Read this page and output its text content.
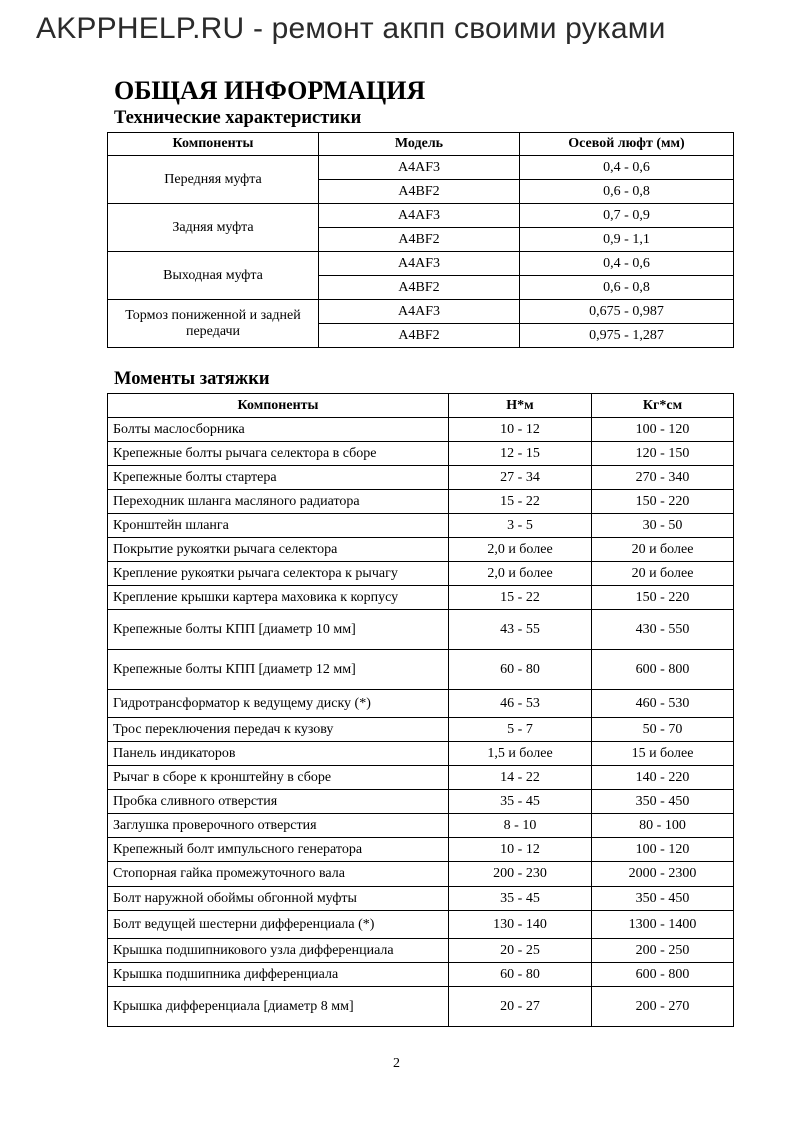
AKPPHELP.RU - ремонт акпп своими руками
ОБЩАЯ ИНФОРМАЦИЯ
Технические характеристики
Компоненты	Модель	Осевой люфт (мм)
Передняя муфта	A4AF3	0,4 - 0,6
	A4BF2	0,6 - 0,8
Задняя муфта	A4AF3	0,7 - 0,9
	A4BF2	0,9 - 1,1
Выходная муфта	A4AF3	0,4 - 0,6
	A4BF2	0,6 - 0,8
Тормоз пониженной и задней передачи	A4AF3	0,675 - 0,987
	A4BF2	0,975 - 1,287
Моменты затяжки
Компоненты	Н*м	Кг*см
Болты маслосборника	10 - 12	100 - 120
Крепежные болты рычага селектора в сборе	12 - 15	120 - 150
Крепежные болты стартера	27 - 34	270 - 340
Переходник шланга масляного радиатора	15 - 22	150 - 220
Кронштейн шланга	3 - 5	30 - 50
Покрытие рукоятки рычага селектора	2,0 и более	20 и более
Крепление рукоятки рычага селектора к рычагу	2,0 и более	20 и более
Крепление крышки картера маховика к корпусу	15 - 22	150 - 220
Крепежные болты КПП [диаметр 10 мм]	43 - 55	430 - 550
Крепежные болты КПП [диаметр 12 мм]	60 - 80	600 - 800
Гидротрансформатор к ведущему диску (*)	46 - 53	460 - 530
Трос переключения передач к кузову	5 - 7	50 - 70
Панель индикаторов	1,5 и более	15 и более
Рычаг в сборе к кронштейну в сборе	14 - 22	140 - 220
Пробка сливного отверстия	35 - 45	350 - 450
Заглушка проверочного отверстия	8 - 10	80 - 100
Крепежный болт импульсного генератора	10 - 12	100 - 120
Стопорная гайка промежуточного вала	200 - 230	2000 - 2300
Болт наружной обоймы обгонной муфты	35 - 45	350 - 450
Болт ведущей шестерни дифференциала (*)	130 - 140	1300 - 1400
Крышка подшипникового узла дифференциала	20 - 25	200 - 250
Крышка подшипника дифференциала	60 - 80	600 - 800
Крышка дифференциала [диаметр 8 мм]	20 - 27	200 - 270
2
